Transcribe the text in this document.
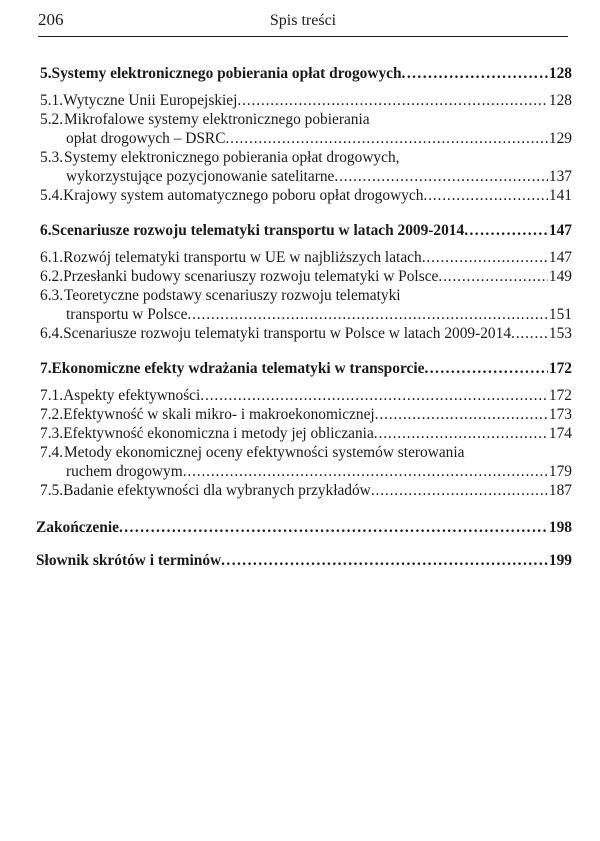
206	Spis treści
5. Systemy elektronicznego pobierania opłat drogowych . . .	128
5.1. Wytyczne Unii Europejskiej . . .	128
5.2.Mikrofalowe systemy elektronicznego pobierania
opłat drogowych – DSRC . . .	129
5.3.Systemy elektronicznego pobierania opłat drogowych,
wykorzystujące pozycjonowanie satelitarne . . .	137
5.4. Krajowy system automatycznego poboru opłat drogowych . . .	141
6. Scenariusze rozwoju telematyki transportu w latach 2009-2014 . . .	147
6.1. Rozwój telematyki transportu w UE w najbliższych latach . . .	147
6.2. Przesłanki budowy scenariuszy rozwoju telematyki w Polsce . . .	149
6.3.Teoretyczne podstawy scenariuszy rozwoju telematyki
transportu w Polsce . . .	151
6.4. Scenariusze rozwoju telematyki transportu w Polsce w latach 2009-2014 . . . 153
7. Ekonomiczne efekty wdrażania telematyki w transporcie . . .	172
7.1. Aspekty efektywności . . .	172
7.2. Efektywność w skali mikro- i makroekonomicznej . . .	173
7.3. Efektywność ekonomiczna i metody jej obliczania . . .	174
7.4.Metody ekonomicznej oceny efektywności systemów sterowania
ruchem drogowym . . .	179
7.5. Badanie efektywności dla wybranych przykładów . . .	187
Zakończenie . . .	198
Słownik skrótów i terminów . . .	199
